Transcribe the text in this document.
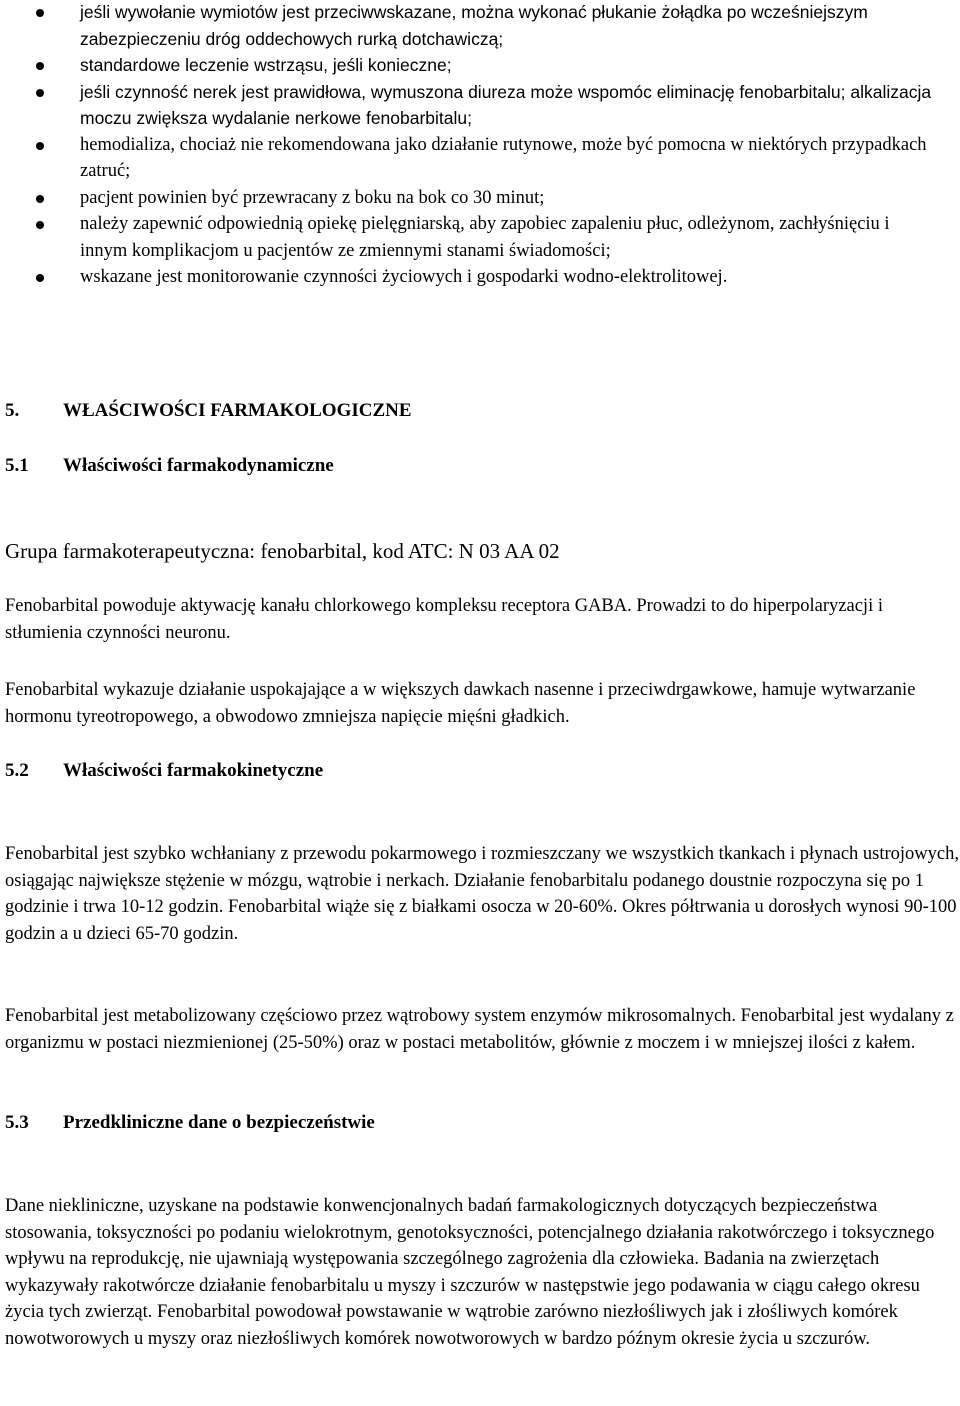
jeśli wywołanie wymiotów jest przeciwwskazane, można wykonać płukanie żołądka po wcześniejszym zabezpieczeniu dróg oddechowych rurką dotchawiczą;
standardowe leczenie wstrząsu, jeśli konieczne;
jeśli czynność nerek jest prawidłowa, wymuszona diureza może wspomóc eliminację fenobarbitalu; alkalizacja moczu zwiększa wydalanie nerkowe fenobarbitalu;
hemodializa, chociaż nie rekomendowana jako działanie rutynowe, może być pomocna w niektórych przypadkach zatruć;
pacjent powinien być przewracany z boku na bok co 30 minut;
należy zapewnić odpowiednią opiekę pielęgniarską, aby zapobiec zapaleniu płuc, odleżynom, zachłyśnięciu i innym komplikacjom u pacjentów ze zmiennymi stanami świadomości;
wskazane jest monitorowanie czynności życiowych i gospodarki wodno-elektrolitowej.
5. WŁAŚCIWOŚCI FARMAKOLOGICZNE
5.1 Właściwości farmakodynamiczne
Grupa farmakoterapeutyczna: fenobarbital, kod ATC: N 03 AA 02

Fenobarbital powoduje aktywację kanału chlorkowego kompleksu receptora GABA. Prowadzi to do hiperpolaryzacji i stłumienia czynności neuronu.

Fenobarbital wykazuje działanie uspokajające a w większych dawkach nasenne i przeciwdrgawkowe, hamuje wytwarzanie hormonu tyreotropowego, a obwodowo zmniejsza napięcie mięśni gładkich.

5.2 Właściwości farmakokinetyczne

Fenobarbital jest szybko wchłaniany z przewodu pokarmowego i rozmieszczany we wszystkich tkankach i płynach ustrojowych, osiągając największe stężenie w mózgu, wątrobie i nerkach. Działanie fenobarbitalu podanego doustnie rozpoczyna się po 1 godzinie i trwa 10-12 godzin. Fenobarbital wiąże się z białkami osocza w 20-60%. Okres półtrwania u dorosłych wynosi 90-100 godzin a u dzieci 65-70 godzin.

Fenobarbital jest metabolizowany częściowo przez wątrobowy system enzymów mikrosomalnych. Fenobarbital jest wydalany z organizmu w postaci niezmienionej (25-50%) oraz w postaci metabolitów, głównie z moczem i w mniejszej ilości z kałem.

5.3 Przedkliniczne dane o bezpieczeństwie

Dane niekliniczne, uzyskane na podstawie konwencjonalnych badań farmakologicznych dotyczących bezpieczeństwa stosowania, toksyczności po podaniu wielokrotnym, genotoksyczności, potencjalnego działania rakotwórczego i toksycznego wpływu na reprodukcję, nie ujawniają występowania szczególnego zagrożenia dla człowieka. Badania na zwierzętach wykazywały rakotwórcze działanie fenobarbitalu u myszy i szczurów w następstwie jego podawania w ciągu całego okresu życia tych zwierząt. Fenobarbital powodował powstawanie w wątrobie zarówno niezłośliwych jak i złośliwych komórek nowotworowych u myszy oraz niezłośliwych komórek nowotworowych w bardzo późnym okresie życia u szczurów.
